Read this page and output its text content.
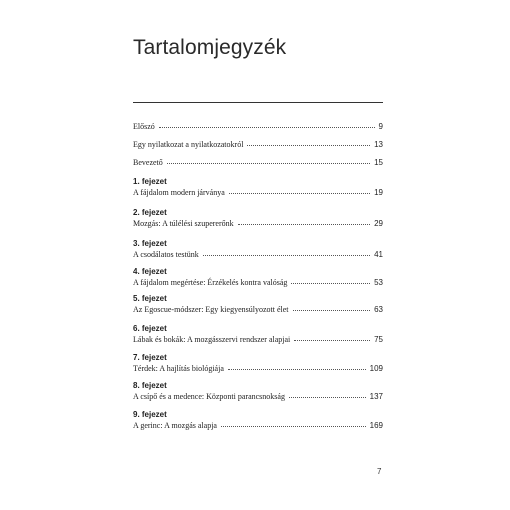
Tartalomjegyzék
Előszó	9
Egy nyilatkozat a nyilatkozatokról	13
Bevezető	15
1. fejezet
A fájdalom modern járványa	19
2. fejezet
Mozgás: A túlélési szupererőnk	29
3. fejezet
A csodálatos testünk	41
4. fejezet
A fájdalom megértése: Érzékelés kontra valóság	53
5. fejezet
Az Egoscue-módszer: Egy kiegyensúlyozott élet	63
6. fejezet
Lábak és bokák: A mozgásszervi rendszer alapjai	75
7. fejezet
Térdek: A hajlítás biológiája	109
8. fejezet
A csípő és a medence: Központi parancsnokság	137
9. fejezet
A gerinc: A mozgás alapja	169
7
